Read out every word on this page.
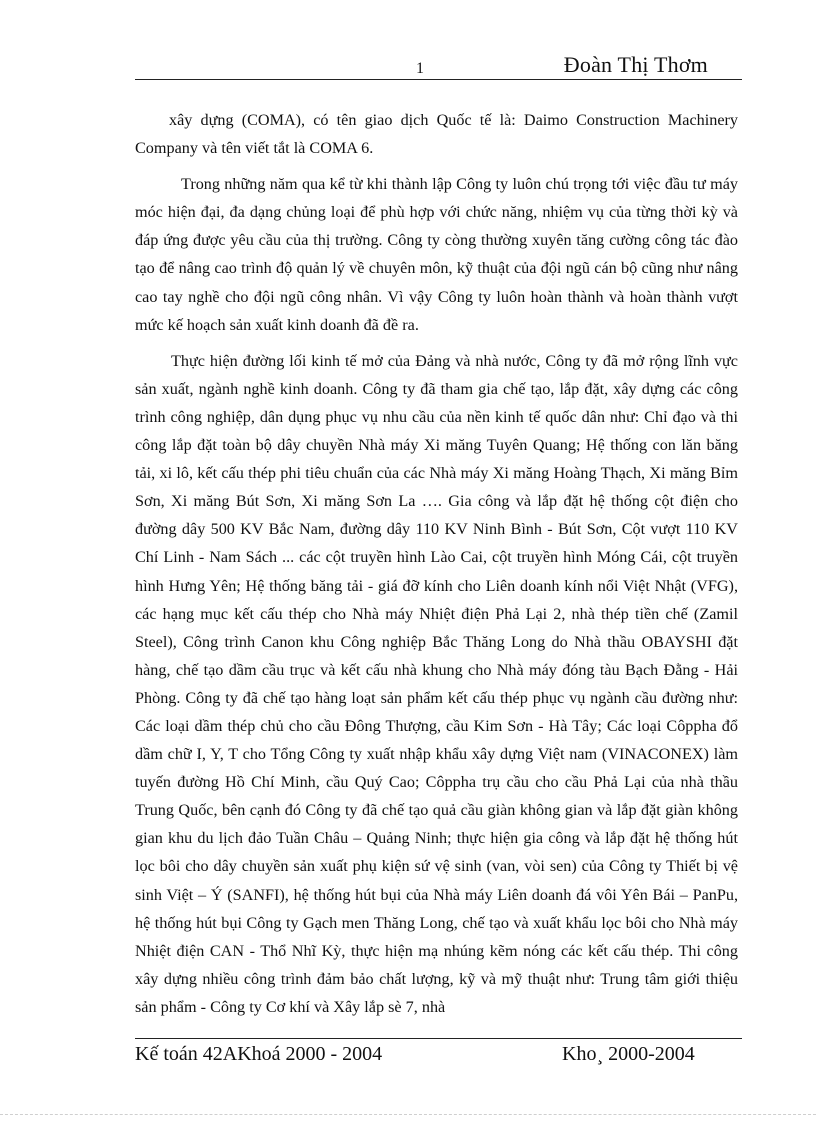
1	Đoàn Thị Thơm

xây dựng (COMA), có tên giao dịch Quốc tế là: Daimo Construction Machinery Company và tên viết tắt là COMA 6.

Trong những năm qua kể từ khi thành lập Công ty luôn chú trọng tới việc đầu tư máy móc hiện đại, đa dạng chủng loại để phù hợp với chức năng, nhiệm vụ của từng thời kỳ và đáp ứng được yêu cầu của thị trường. Công ty còng thường xuyên tăng cường công tác đào tạo để nâng cao trình độ quản lý về chuyên môn, kỹ thuật của đội ngũ cán bộ cũng như nâng cao tay nghề cho đội ngũ công nhân. Vì vậy Công ty luôn hoàn thành và hoàn thành vượt mức kế hoạch sản xuất kinh doanh đã đề ra.

Thực hiện đường lối kinh tế mở của Đảng và nhà nước, Công ty đã mở rộng lĩnh vực sản xuất, ngành nghề kinh doanh. Công ty đã tham gia chế tạo, lắp đặt, xây dựng các công trình công nghiệp, dân dụng phục vụ nhu cầu của nền kinh tế quốc dân như: Chỉ đạo và thi công lắp đặt toàn bộ dây chuyền Nhà máy Xi măng Tuyên Quang; Hệ thống con lăn băng tải, xi lô, kết cấu thép phi tiêu chuẩn của các Nhà máy Xi măng Hoàng Thạch, Xi măng Bỉm Sơn, Xi măng Bút Sơn, Xi măng Sơn La …. Gia công và lắp đặt hệ thống cột điện cho đường dây 500 KV Bắc Nam, đường dây 110 KV Ninh Bình - Bút Sơn, Cột vượt 110 KV Chí Linh - Nam Sách ... các cột truyền hình Lào Cai, cột truyền hình Móng Cái, cột truyền hình Hưng Yên; Hệ thống băng tải - giá đỡ kính cho Liên doanh kính nổi Việt Nhật (VFG), các hạng mục kết cấu thép cho Nhà máy Nhiệt điện Phả Lại 2, nhà thép tiền chế (Zamil Steel), Công trình Canon khu Công nghiệp Bắc Thăng Long do Nhà thầu OBAYSHI đặt hàng, chế tạo dầm cầu trục và kết cấu nhà khung cho Nhà máy đóng tàu Bạch Đằng - Hải Phòng. Công ty đã chế tạo hàng loạt sản phẩm kết cấu thép phục vụ ngành cầu đường như: Các loại dầm thép chủ cho cầu Đông Thượng, cầu Kim Sơn - Hà Tây; Các loại Côppha đổ dầm chữ I, Y, T cho Tổng Công ty xuất nhập khẩu xây dựng Việt nam (VINACONEX) làm tuyến đường Hồ Chí Minh, cầu Quý Cao; Côppha trụ cầu cho cầu Phả Lại của nhà thầu Trung Quốc, bên cạnh đó Công ty đã chế tạo quả cầu giàn không gian và lắp đặt giàn không gian khu du lịch đảo Tuần Châu – Quảng Ninh; thực hiện gia công và lắp đặt hệ thống hút lọc bôi cho dây chuyền sản xuất phụ kiện sứ vệ sinh (van, vòi sen) của Công ty Thiết bị vệ sinh Việt – Ý (SANFI), hệ thống hút bụi của Nhà máy Liên doanh đá vôi Yên Bái – PanPu, hệ thống hút bụi Công ty Gạch men Thăng Long, chế tạo và xuất khẩu lọc bôi cho Nhà máy Nhiệt điện CAN - Thổ Nhĩ Kỳ, thực hiện mạ nhúng kẽm nóng các kết cấu thép. Thi công xây dựng nhiều công trình đảm bảo chất lượng, kỹ và mỹ thuật như: Trung tâm giới thiệu sản phẩm - Công ty Cơ khí và Xây lắp sè 7, nhà

Kế toán 42AKhoá 2000 - 2004	Kho¸ 2000-2004
